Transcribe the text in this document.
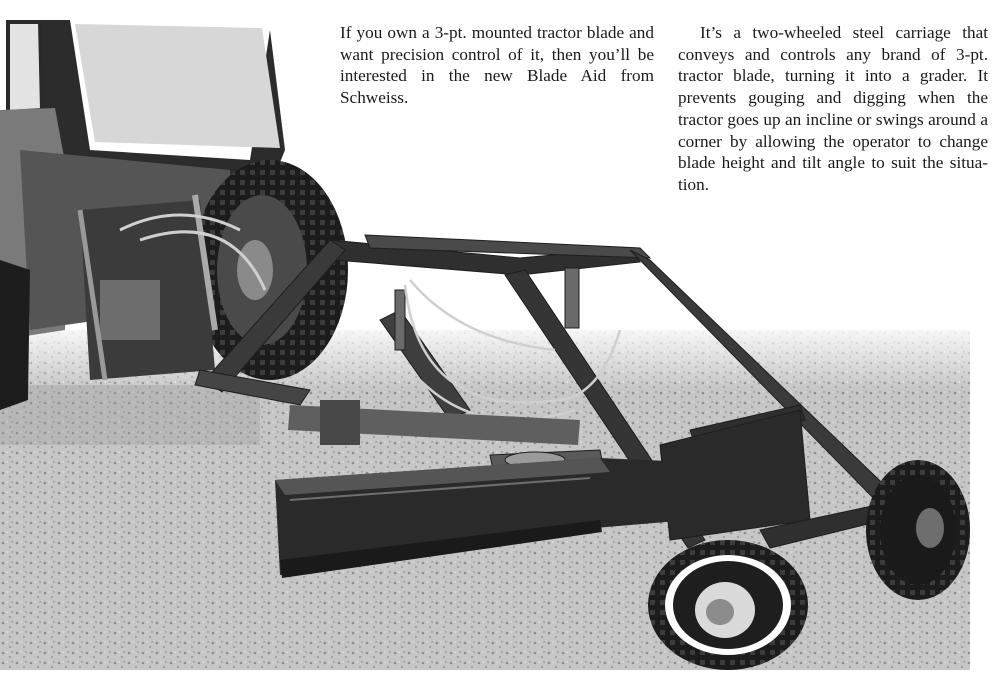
If you own a 3-pt. mounted tractor blade and want precision control of it, then you’ll be interested in the new Blade Aid from Schweiss.

It’s a two-wheeled steel carriage that conveys and controls any brand of 3-pt. tractor blade, turning it into a grader. It prevents gouging and digging when the tractor goes up an incline or swings around a corner by allowing the operator to change blade height and tilt angle to suit the situation.
